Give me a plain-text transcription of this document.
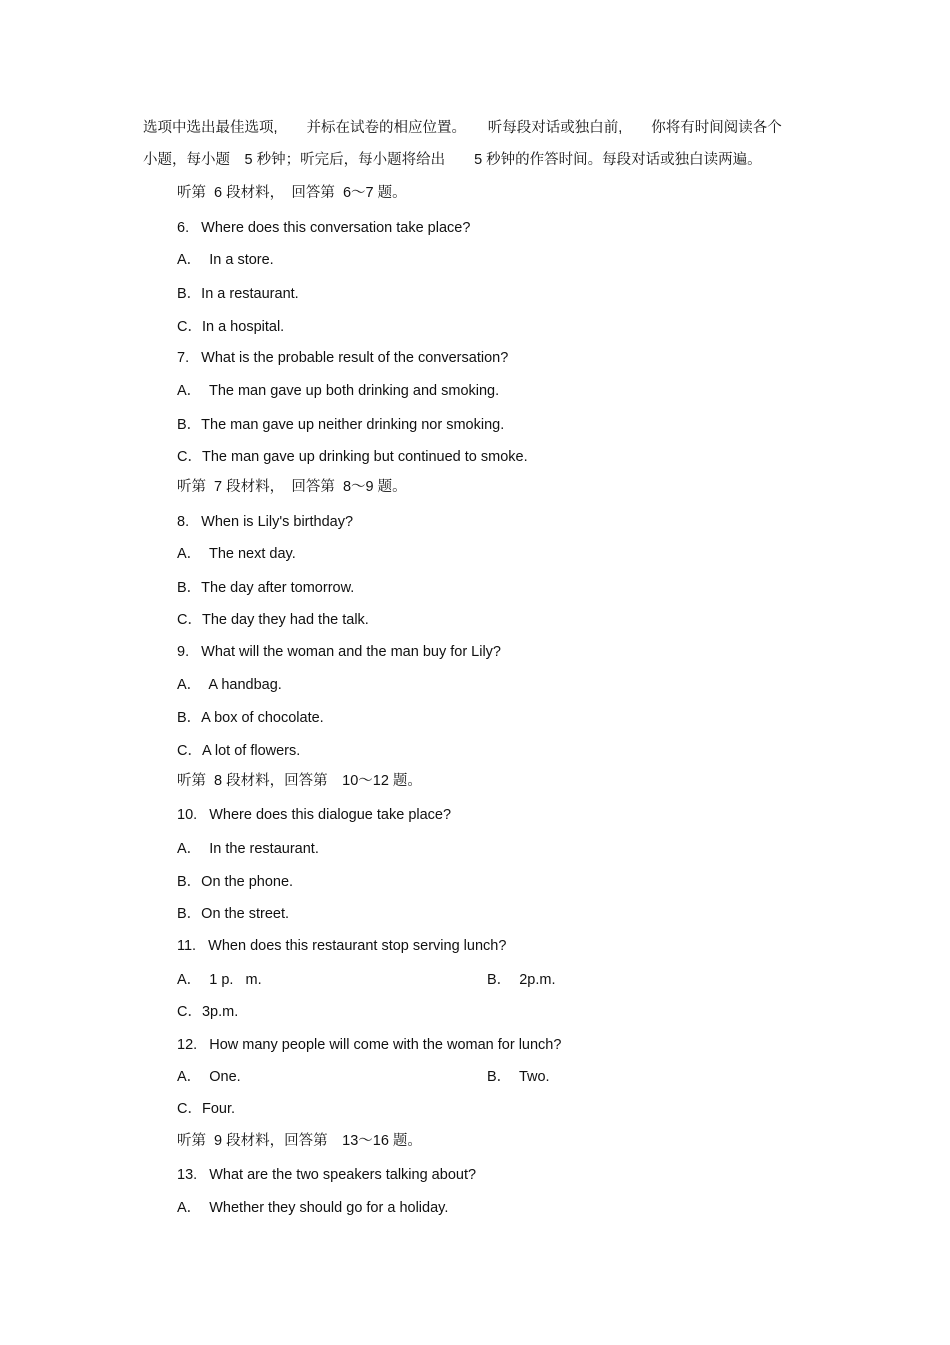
选项中选出最佳选项,　　并标在试卷的相应位置。　　听每段对话或独白前,　　你将有时间阅读各个
小题，每小题　5 秒钟；听完后，每小题将给出　　5 秒钟的作答时间。每段对话或独白读两遍。
听第  6 段材料，　回答第  6～7 题。
6.   Where does this conversation take place?
A．  In a store.
B．In a restaurant.
C．In a hospital.
7.   What is the probable result of the conversation?
A．  The man gave up both drinking and smoking.
B．The man gave up neither drinking nor smoking.
C．The man gave up drinking but continued to smoke.
听第  7 段材料，　回答第  8～9 题。
8.   When is Lily's birthday?
A．  The next day.
B．The day after tomorrow.
C．The day they had the talk.
9.   What will the woman and the man buy for Lily?
A．  A handbag.
B．A box of chocolate.
C．A lot of flowers.
听第  8 段材料，回答第　10～12 题。
10.   Where does this dialogue take place?
A．  In the restaurant.
B．On the phone.
B．On the street.
11.   When does this restaurant stop serving lunch?
A．  1 p.   m.	B．  2p.m.
C．3p.m.
12.   How many people will come with the woman for lunch?
A．  One.	B．  Two.
C．Four.
听第  9 段材料，回答第　13～16 题。
13.   What are the two speakers talking about?
A．  Whether they should go for a holiday.
